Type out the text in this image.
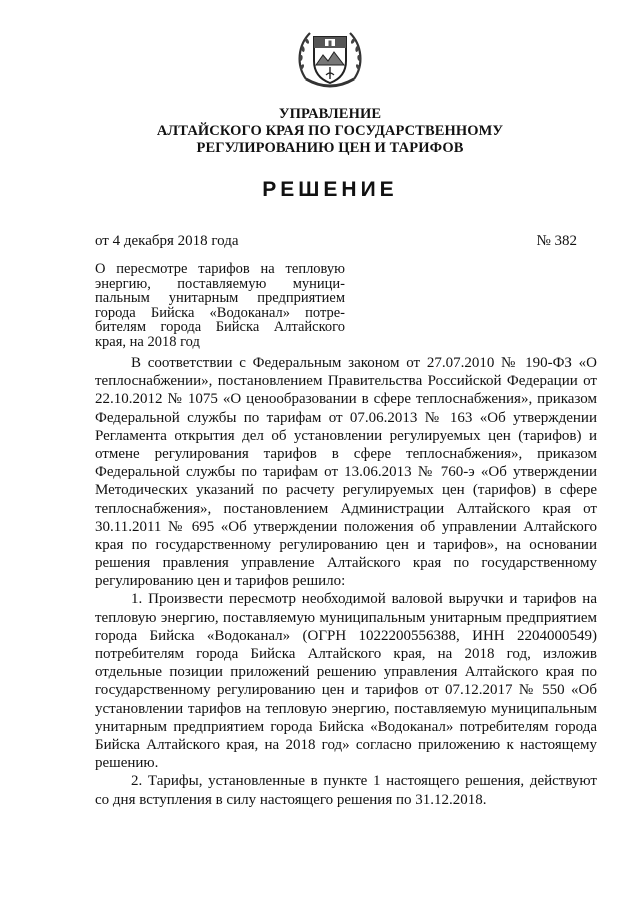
УПРАВЛЕНИЕ
АЛТАЙСКОГО КРАЯ ПО ГОСУДАРСТВЕННОМУ
РЕГУЛИРОВАНИЮ ЦЕН И ТАРИФОВ
РЕШЕНИЕ
от 4 декабря 2018 года	№ 382
О пересмотре тарифов на тепловую
энергию, поставляемую муници-
пальным унитарным предприятием
города Бийска «Водоканал» потре-
бителям города Бийска Алтайского
края, на 2018 год
В соответствии с Федеральным законом от 27.07.2010 № 190-ФЗ «О
теплоснабжении», постановлением Правительства Российской Федерации от
22.10.2012 № 1075 «О ценообразовании в сфере теплоснабжения», приказом
Федеральной службы по тарифам от 07.06.2013 № 163 «Об утверждении
Регламента открытия дел об установлении регулируемых цен (тарифов) и
отмене регулирования тарифов в сфере теплоснабжения», приказом
Федеральной службы по тарифам от 13.06.2013 № 760-э «Об утверждении
Методических указаний по расчету регулируемых цен (тарифов) в сфере
теплоснабжения», постановлением Администрации Алтайского края от
30.11.2011 № 695 «Об утверждении положения об управлении Алтайского
края по государственному регулированию цен и тарифов», на основании
решения правления управление Алтайского края по государственному
регулированию цен и тарифов решило:
1. Произвести пересмотр необходимой валовой выручки и тарифов на
тепловую энергию, поставляемую муниципальным унитарным предприятием
города Бийска «Водоканал» (ОГРН 1022200556388, ИНН 2204000549)
потребителям города Бийска Алтайского края, на 2018 год, изложив
отдельные позиции приложений решению управления Алтайского края по
государственному регулированию цен и тарифов от 07.12.2017 № 550 «Об
установлении тарифов на тепловую энергию, поставляемую муниципальным
унитарным предприятием города Бийска «Водоканал» потребителям города
Бийска Алтайского края, на 2018 год» согласно приложению к настоящему
решению.
2. Тарифы, установленные в пункте 1 настоящего решения, действуют
со дня вступления в силу настоящего решения по 31.12.2018.
